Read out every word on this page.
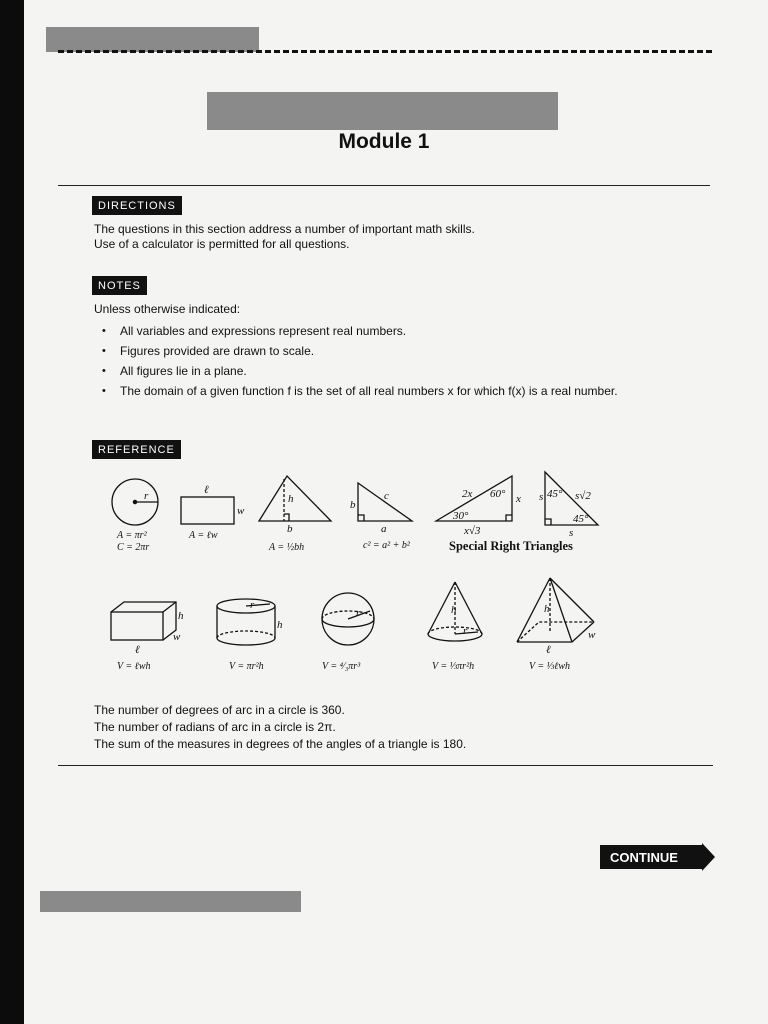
Module 1
DIRECTIONS
The questions in this section address a number of important math skills.
Use of a calculator is permitted for all questions.
NOTES
Unless otherwise indicated:
• All variables and expressions represent real numbers.
• Figures provided are drawn to scale.
• All figures lie in a plane.
• The domain of a given function f is the set of all real numbers x for which f(x) is a real number.
REFERENCE
r	ℓ
w
h
b
b
c
a
2x 60°
30°
x
x√3
45° s√2
s
45°
s
h
w
ℓ
r
h
r	h
r
h
w
ℓ
A = πr²
C = 2πr
A = ℓw
A = ½bh	c² = a² + b²
V = ℓwh	V = πr²h	V = ⁴⁄₃πr³	V = ⅓πr²h	V = ⅓ℓwh
Special Right Triangles
The number of degrees of arc in a circle is 360.
The number of radians of arc in a circle is 2π.
The sum of the measures in degrees of the angles of a triangle is 180.
CONTINUE
